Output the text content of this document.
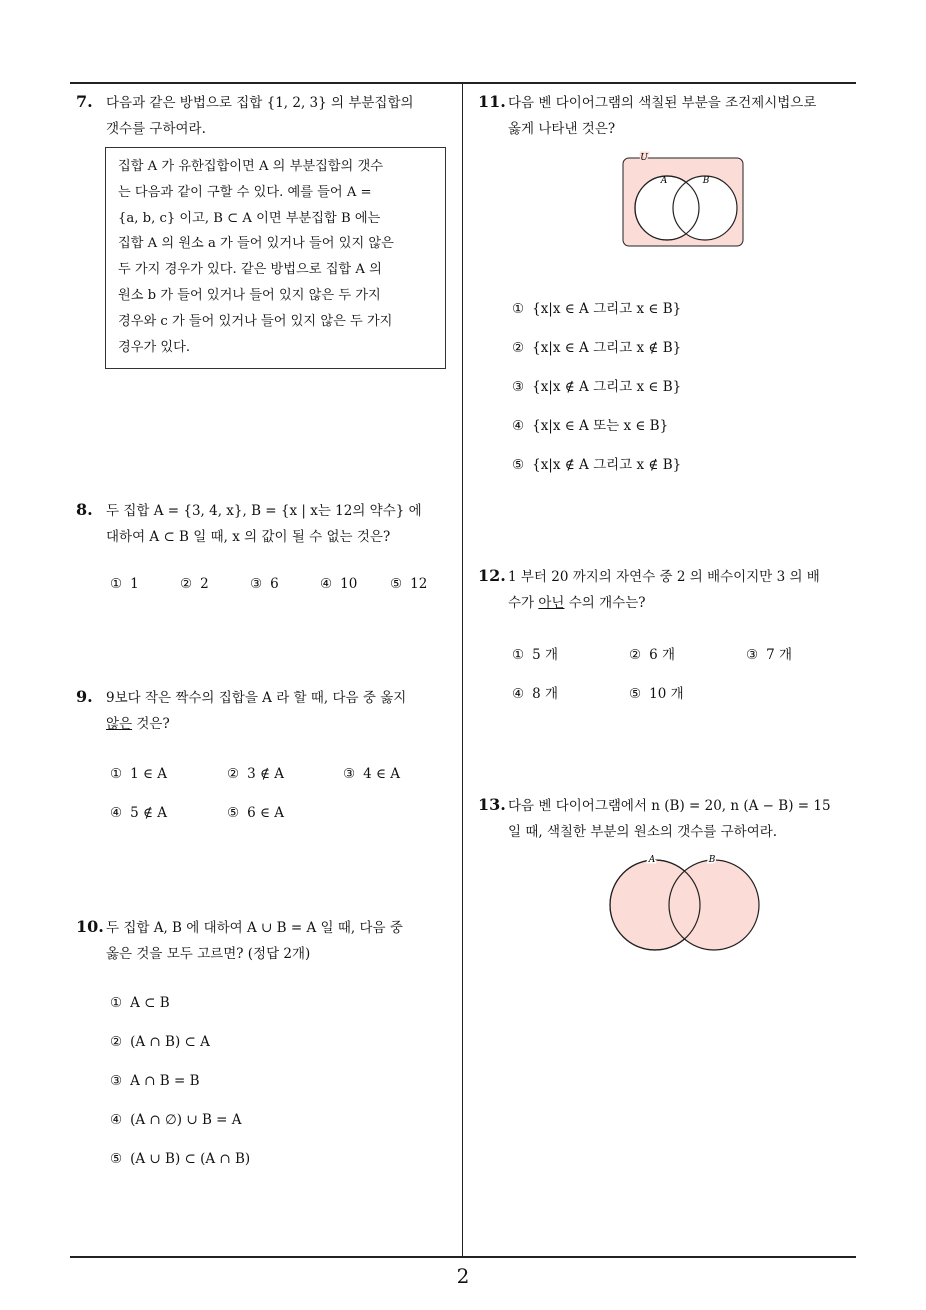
7. 다음과 같은 방법으로 집합 {1, 2, 3} 의 부분집합의
갯수를 구하여라.
집합 A 가 유한집합이면 A 의 부분집합의 갯수
는 다음과 같이 구할 수 있다. 예를 들어 A =
{a, b, c} 이고, B ⊂ A 이면 부분집합 B 에는
집합 A 의 원소 a 가 들어 있거나 들어 있지 않은
두 가지 경우가 있다. 같은 방법으로 집합 A 의
원소 b 가 들어 있거나 들어 있지 않은 두 가지
경우와 c 가 들어 있거나 들어 있지 않은 두 가지
경우가 있다.
8. 두 집합 A = {3, 4, x}, B = {x | x는 12의 약수} 에
대하여 A ⊂ B 일 때, x 의 값이 될 수 없는 것은?
① 1	② 2	③ 6	④ 10 ⑤ 12
9. 9보다 작은 짝수의 집합을 A 라 할 때, 다음 중 옳지
않은 것은?
① 1 ∈ A	② 3 ∉ A	③ 4 ∈ A
④ 5 ∉ A	⑤ 6 ∈ A
10. 두 집합 A, B 에 대하여 A ∪ B = A 일 때, 다음 중
옳은 것을 모두 고르면? (정답 2개)
① A ⊂ B
② (A ∩ B) ⊂ A
③ A ∩ B = B
④ (A ∩ ∅) ∪ B = A
⑤ (A ∪ B) ⊂ (A ∩ B)
11. 다음 벤 다이어그램의 색칠된 부분을 조건제시법으로
옳게 나타낸 것은?
U
A	B
① {x|x ∈ A 그리고 x ∈ B}
② {x|x ∈ A 그리고 x ∉ B}
③ {x|x ∉ A 그리고 x ∈ B}
④ {x|x ∈ A 또는 x ∈ B}
⑤ {x|x ∉ A 그리고 x ∉ B}
12. 1 부터 20 까지의 자연수 중 2 의 배수이지만 3 의 배
수가 아닌 수의 개수는?
① 5 개	② 6 개	③ 7 개
④ 8 개	⑤ 10 개
13. 다음 벤 다이어그램에서 n (B) = 20, n (A − B) = 15
일 때, 색칠한 부분의 원소의 갯수를 구하여라.
A	B
2
